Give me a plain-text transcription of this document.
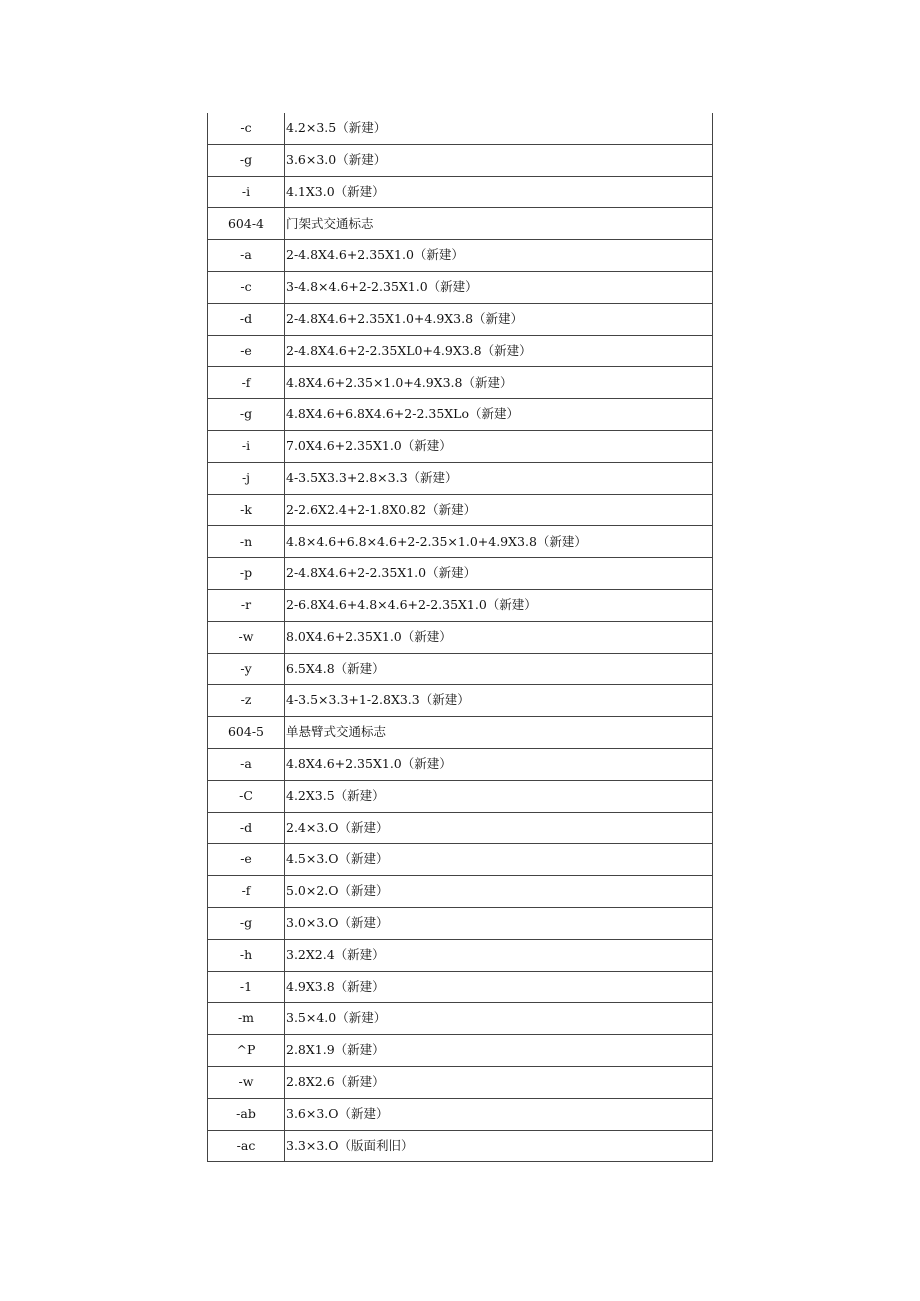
-c	4.2×3.5（新建）
-g	3.6×3.0（新建）
-i	4.1X3.0（新建）
604-4	门架式交通标志
-a	2-4.8X4.6+2.35X1.0（新建）
-c	3-4.8×4.6+2-2.35X1.0（新建）
-d	2-4.8X4.6+2.35X1.0+4.9X3.8（新建）
-e	2-4.8X4.6+2-2.35XL0+4.9X3.8（新建）
-f	4.8X4.6+2.35×1.0+4.9X3.8（新建）
-g	4.8X4.6+6.8X4.6+2-2.35XLo（新建）
-i	7.0X4.6+2.35X1.0（新建）
-j	4-3.5X3.3+2.8×3.3（新建）
-k	2-2.6X2.4+2-1.8X0.82（新建）
-n	4.8×4.6+6.8×4.6+2-2.35×1.0+4.9X3.8（新建）
-p	2-4.8X4.6+2-2.35X1.0（新建）
-r	2-6.8X4.6+4.8×4.6+2-2.35X1.0（新建）
-w	8.0X4.6+2.35X1.0（新建）
-y	6.5X4.8（新建）
-z	4-3.5×3.3+1-2.8X3.3（新建）
604-5	单悬臂式交通标志
-a	4.8X4.6+2.35X1.0（新建）
-C	4.2X3.5（新建）
-d	2.4×3.O（新建）
-e	4.5×3.O（新建）
-f	5.0×2.O（新建）
-g	3.0×3.O（新建）
-h	3.2X2.4（新建）
-1	4.9X3.8（新建）
-m	3.5×4.0（新建）
^P	2.8X1.9（新建）
-w	2.8X2.6（新建）
-ab	3.6×3.O（新建）
-ac	3.3×3.O（版面利旧）
